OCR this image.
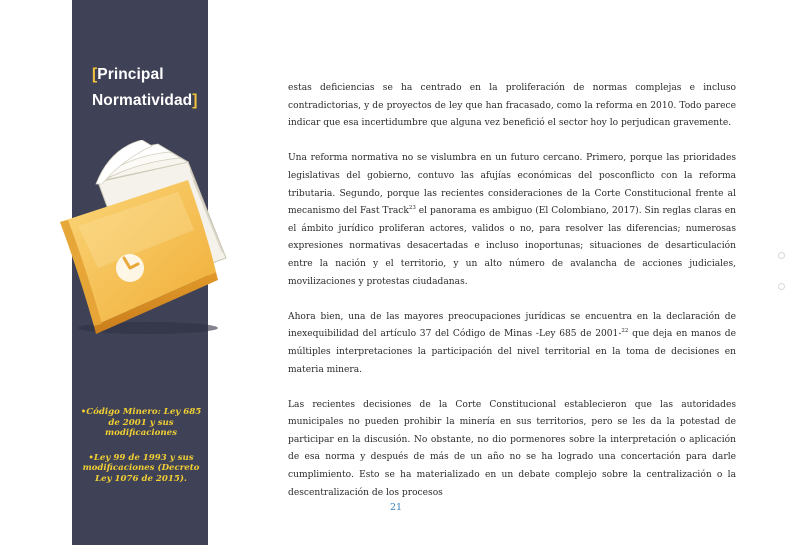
[Principal
Normatividad]
• Código Minero: Ley 685 de 2001 y sus modificaciones
• Ley 99 de 1993 y sus modificaciones (Decreto Ley 1076 de 2015).

estas deficiencias se ha centrado en la proliferación de normas complejas e incluso contradictorias, y de proyectos de ley que han fracasado, como la reforma en 2010. Todo parece indicar que esa incertidumbre que alguna vez benefició el sector hoy lo perjudican gravemente.

Una reforma normativa no se vislumbra en un futuro cercano. Primero, porque las prioridades legislativas del gobierno, contuvo las afujías económicas del posconflicto con la reforma tributaria. Segundo, porque las recientes consideraciones de la Corte Constitucional frente al mecanismo del Fast Track$^{23}$ el panorama es ambiguo (El Colombiano, 2017). Sin reglas claras en el ámbito jurídico proliferan actores, validos o no, para resolver las diferencias; numerosas expresiones normativas desacertadas e incluso inoportunas; situaciones de desarticulación entre la nación y el territorio, y un alto número de avalancha de acciones judiciales, movilizaciones y protestas ciudadanas.

Ahora bien, una de las mayores preocupaciones jurídicas se encuentra en la declaración de inexequibilidad del artículo 37 del Código de Minas -Ley 685 de 2001-$^{22}$ que deja en manos de múltiples interpretaciones la participación del nivel territorial en la toma de decisiones en materia minera.

Las recientes decisiones de la Corte Constitucional establecieron que las autoridades municipales no pueden prohibir la minería en sus territorios, pero se les da la potestad de participar en la discusión. No obstante, no dio pormenores sobre la interpretación o aplicación de esa norma y después de más de un año no se ha logrado una concertación para darle cumplimiento. Esto se ha materializado en un debate complejo sobre la centralización o la descentralización de los procesos

21
